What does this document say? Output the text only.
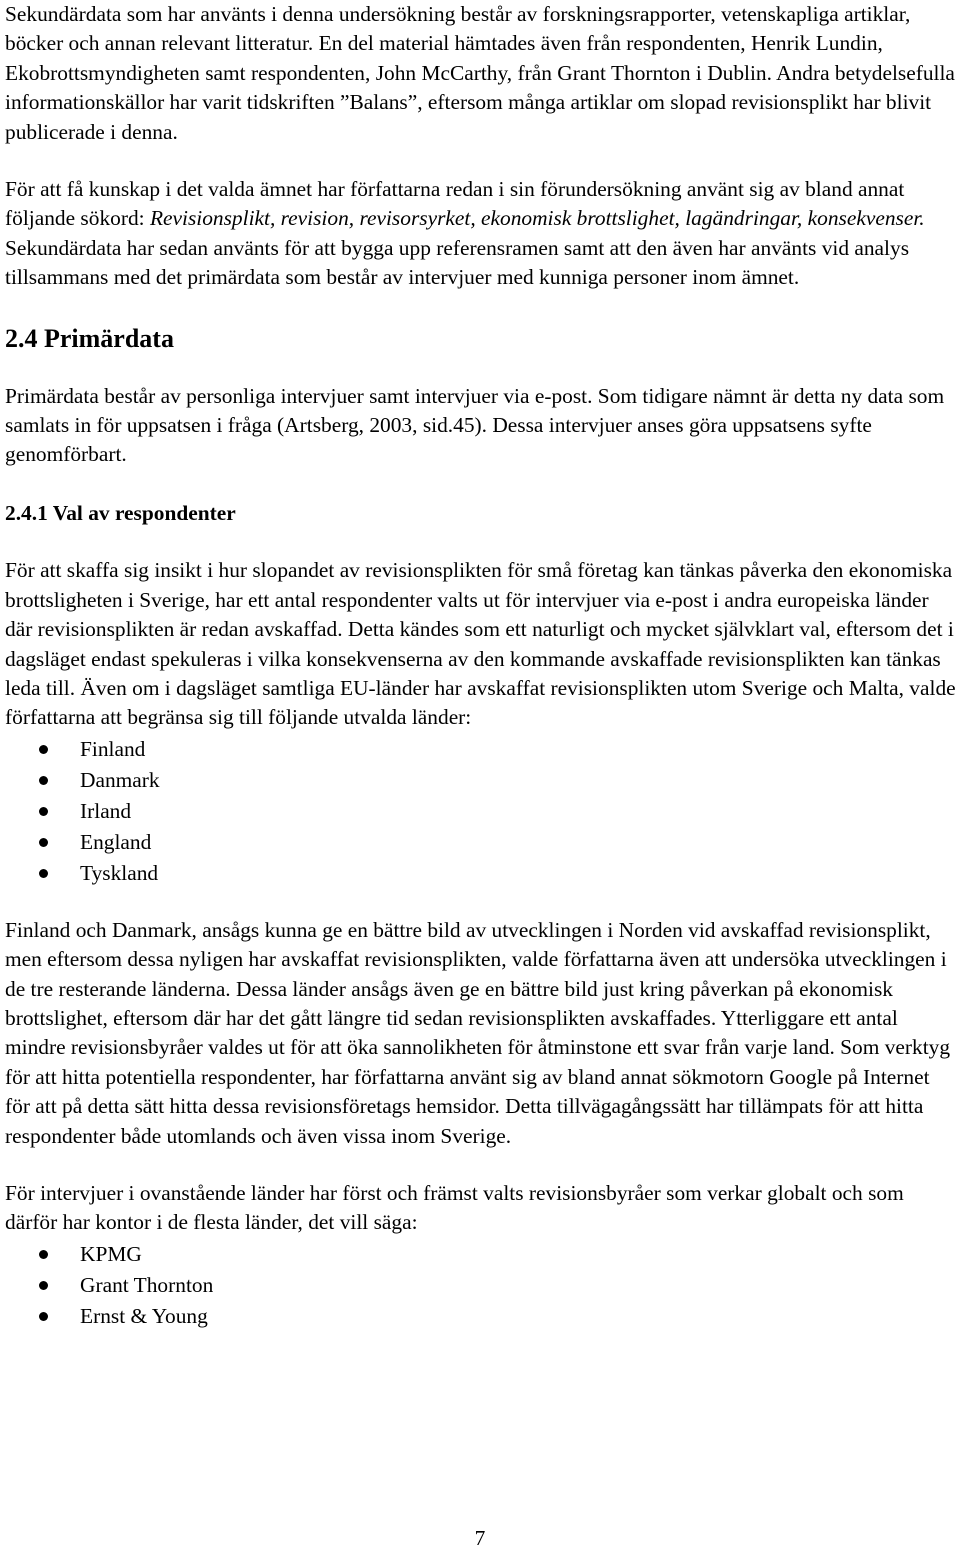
Sekundärdata som har använts i denna undersökning består av forskningsrapporter, vetenskapliga artiklar, böcker och annan relevant litteratur. En del material hämtades även från respondenten, Henrik Lundin, Ekobrottsmyndigheten samt respondenten, John McCarthy, från Grant Thornton i Dublin. Andra betydelsefulla informationskällor har varit tidskriften ”Balans”, eftersom många artiklar om slopad revisionsplikt har blivit publicerade i denna.

För att få kunskap i det valda ämnet har författarna redan i sin förundersökning använt sig av bland annat följande sökord: Revisionsplikt, revision, revisorsyrket, ekonomisk brottslighet, lagändringar, konsekvenser. Sekundärdata har sedan använts för att bygga upp referensramen samt att den även har använts vid analys tillsammans med det primärdata som består av intervjuer med kunniga personer inom ämnet.

2.4 Primärdata

Primärdata består av personliga intervjuer samt intervjuer via e-post. Som tidigare nämnt är detta ny data som samlats in för uppsatsen i fråga (Artsberg, 2003, sid.45). Dessa intervjuer anses göra uppsatsens syfte genomförbart.

2.4.1 Val av respondenter

För att skaffa sig insikt i hur slopandet av revisionsplikten för små företag kan tänkas påverka den ekonomiska brottsligheten i Sverige, har ett antal respondenter valts ut för intervjuer via e-post i andra europeiska länder där revisionsplikten är redan avskaffad. Detta kändes som ett naturligt och mycket självklart val, eftersom det i dagsläget endast spekuleras i vilka konsekvenserna av den kommande avskaffade revisionsplikten kan tänkas leda till. Även om i dagsläget samtliga EU-länder har avskaffat revisionsplikten utom Sverige och Malta, valde författarna att begränsa sig till följande utvalda länder:

Finland
Danmark
Irland
England
Tyskland

Finland och Danmark, ansågs kunna ge en bättre bild av utvecklingen i Norden vid avskaffad revisionsplikt, men eftersom dessa nyligen har avskaffat revisionsplikten, valde författarna även att undersöka utvecklingen i de tre resterande länderna. Dessa länder ansågs även ge en bättre bild just kring påverkan på ekonomisk brottslighet, eftersom där har det gått längre tid sedan revisionsplikten avskaffades. Ytterliggare ett antal mindre revisionsbyråer valdes ut för att öka sannolikheten för åtminstone ett svar från varje land. Som verktyg för att hitta potentiella respondenter, har författarna använt sig av bland annat sökmotorn Google på Internet för att på detta sätt hitta dessa revisionsföretags hemsidor. Detta tillvägagångssätt har tillämpats för att hitta respondenter både utomlands och även vissa inom Sverige.

För intervjuer i ovanstående länder har först och främst valts revisionsbyråer som verkar globalt och som därför har kontor i de flesta länder, det vill säga:

KPMG
Grant Thornton
Ernst & Young
7
